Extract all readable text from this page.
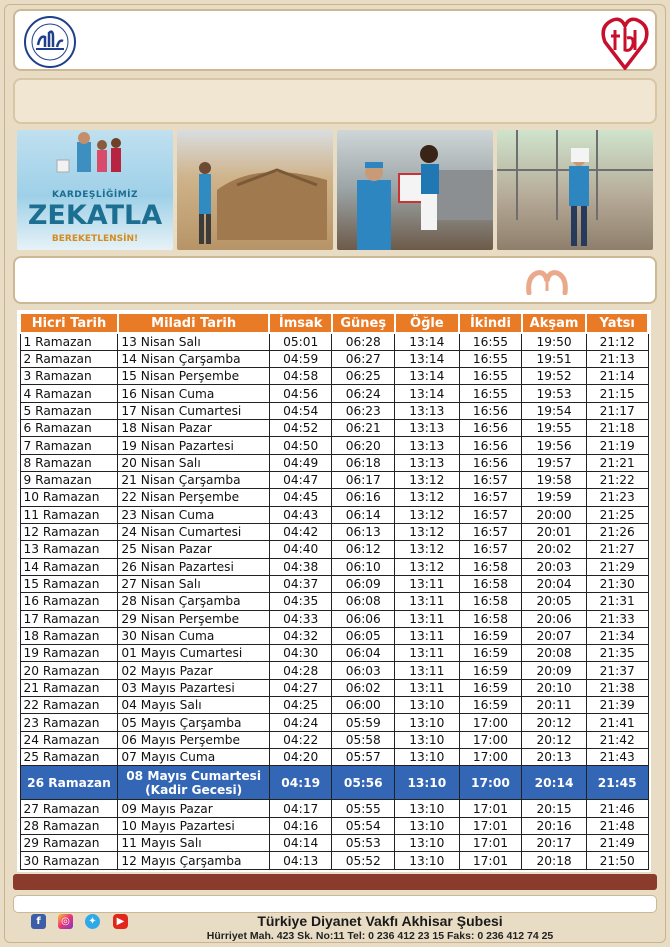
KARDEŞLİĞİMİZ
ZEKATLA
BEREKETLENSİN!
Hicri Tarih	Miladi Tarih	İmsak	Güneş	Öğle	İkindi	Akşam	Yatsı
1 Ramazan	13 Nisan Salı	05:01	06:28	13:14	16:55	19:50	21:12
2 Ramazan	14 Nisan Çarşamba	04:59	06:27	13:14	16:55	19:51	21:13
3 Ramazan	15 Nisan Perşembe	04:58	06:25	13:14	16:55	19:52	21:14
4 Ramazan	16 Nisan Cuma	04:56	06:24	13:14	16:55	19:53	21:15
5 Ramazan	17 Nisan Cumartesi	04:54	06:23	13:13	16:56	19:54	21:17
6 Ramazan	18 Nisan Pazar	04:52	06:21	13:13	16:56	19:55	21:18
7 Ramazan	19 Nisan Pazartesi	04:50	06:20	13:13	16:56	19:56	21:19
8 Ramazan	20 Nisan Salı	04:49	06:18	13:13	16:56	19:57	21:21
9 Ramazan	21 Nisan Çarşamba	04:47	06:17	13:12	16:57	19:58	21:22
10 Ramazan	22 Nisan Perşembe	04:45	06:16	13:12	16:57	19:59	21:23
11 Ramazan	23 Nisan Cuma	04:43	06:14	13:12	16:57	20:00	21:25
12 Ramazan	24 Nisan Cumartesi	04:42	06:13	13:12	16:57	20:01	21:26
13 Ramazan	25 Nisan Pazar	04:40	06:12	13:12	16:57	20:02	21:27
14 Ramazan	26 Nisan Pazartesi	04:38	06:10	13:12	16:58	20:03	21:29
15 Ramazan	27 Nisan Salı	04:37	06:09	13:11	16:58	20:04	21:30
16 Ramazan	28 Nisan Çarşamba	04:35	06:08	13:11	16:58	20:05	21:31
17 Ramazan	29 Nisan Perşembe	04:33	06:06	13:11	16:58	20:06	21:33
18 Ramazan	30 Nisan Cuma	04:32	06:05	13:11	16:59	20:07	21:34
19 Ramazan	01 Mayıs Cumartesi	04:30	06:04	13:11	16:59	20:08	21:35
20 Ramazan	02 Mayıs Pazar	04:28	06:03	13:11	16:59	20:09	21:37
21 Ramazan	03 Mayıs Pazartesi	04:27	06:02	13:11	16:59	20:10	21:38
22 Ramazan	04 Mayıs Salı	04:25	06:00	13:10	16:59	20:11	21:39
23 Ramazan	05 Mayıs Çarşamba	04:24	05:59	13:10	17:00	20:12	21:41
24 Ramazan	06 Mayıs Perşembe	04:22	05:58	13:10	17:00	20:12	21:42
25 Ramazan	07 Mayıs Cuma	04:20	05:57	13:10	17:00	20:13	21:43
26 Ramazan	08 Mayıs Cumartesi (Kadir Gecesi)	04:19	05:56	13:10	17:00	20:14	21:45
27 Ramazan	09 Mayıs Pazar	04:17	05:55	13:10	17:01	20:15	21:46
28 Ramazan	10 Mayıs Pazartesi	04:16	05:54	13:10	17:01	20:16	21:48
29 Ramazan	11 Mayıs Salı	04:14	05:53	13:10	17:01	20:17	21:49
30 Ramazan	12 Mayıs Çarşamba	04:13	05:52	13:10	17:01	20:18	21:50
f	◎	✦	▶	Türkiye Diyanet Vakfı Akhisar Şubesi
Hürriyet Mah. 423 Sk. No:11 Tel: 0 236 412 23 15 Faks: 0 236 412 74 25
